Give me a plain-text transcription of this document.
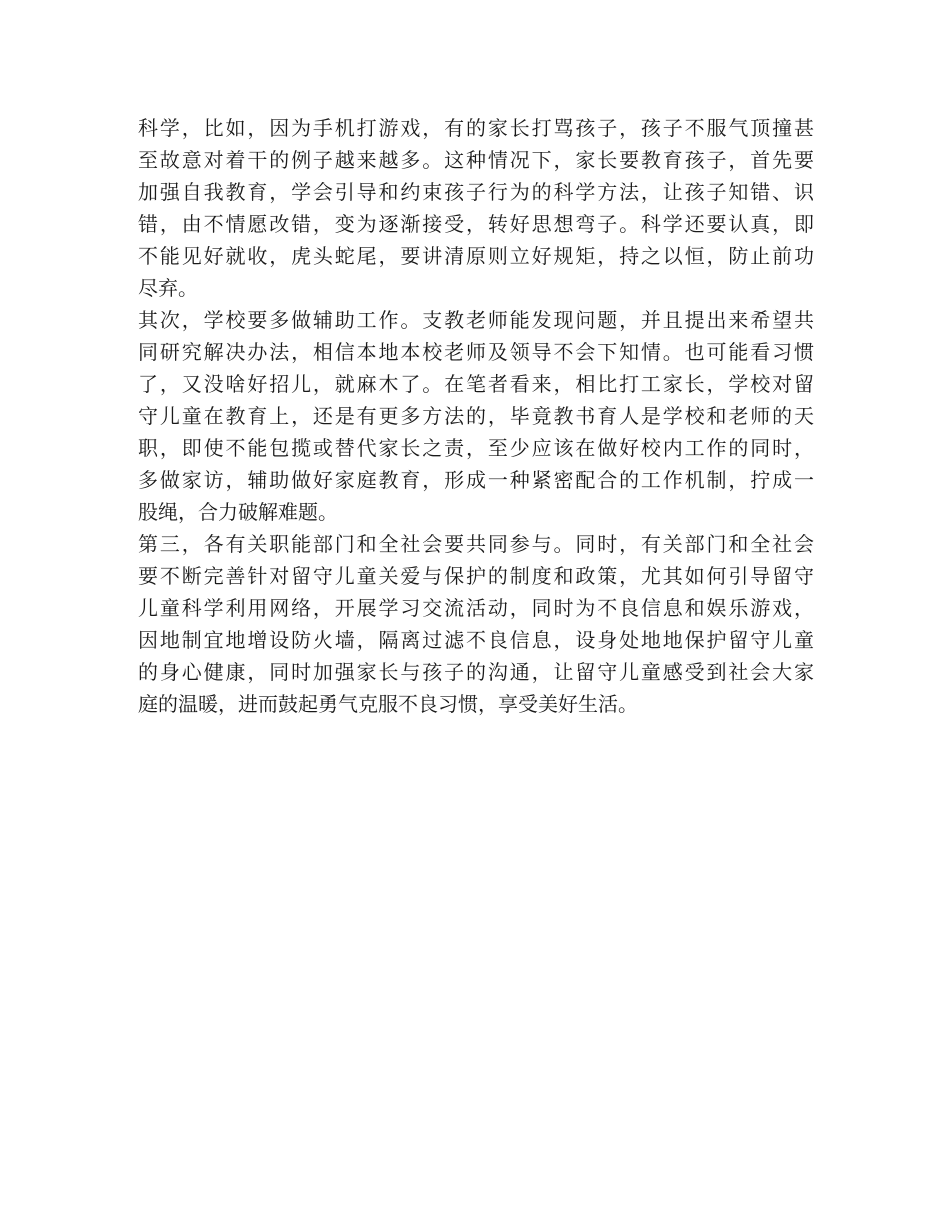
科学，比如，因为手机打游戏，有的家长打骂孩子，孩子不服气顶撞甚
至故意对着干的例子越来越多。这种情况下，家长要教育孩子，首先要
加强自我教育，学会引导和约束孩子行为的科学方法，让孩子知错、识
错，由不情愿改错，变为逐渐接受，转好思想弯子。科学还要认真，即
不能见好就收，虎头蛇尾，要讲清原则立好规矩，持之以恒，防止前功
尽弃。
其次，学校要多做辅助工作。支教老师能发现问题，并且提出来希望共
同研究解决办法，相信本地本校老师及领导不会下知情。也可能看习惯
了，又没啥好招儿，就麻木了。在笔者看来，相比打工家长，学校对留
守儿童在教育上，还是有更多方法的，毕竟教书育人是学校和老师的天
职，即使不能包揽或替代家长之责，至少应该在做好校内工作的同时，
多做家访，辅助做好家庭教育，形成一种紧密配合的工作机制，拧成一
股绳，合力破解难题。
第三，各有关职能部门和全社会要共同参与。同时，有关部门和全社会
要不断完善针对留守儿童关爱与保护的制度和政策，尤其如何引导留守
儿童科学利用网络，开展学习交流活动，同时为不良信息和娱乐游戏，
因地制宜地增设防火墙，隔离过滤不良信息，设身处地地保护留守儿童
的身心健康，同时加强家长与孩子的沟通，让留守儿童感受到社会大家
庭的温暖，进而鼓起勇气克服不良习惯，享受美好生活。
